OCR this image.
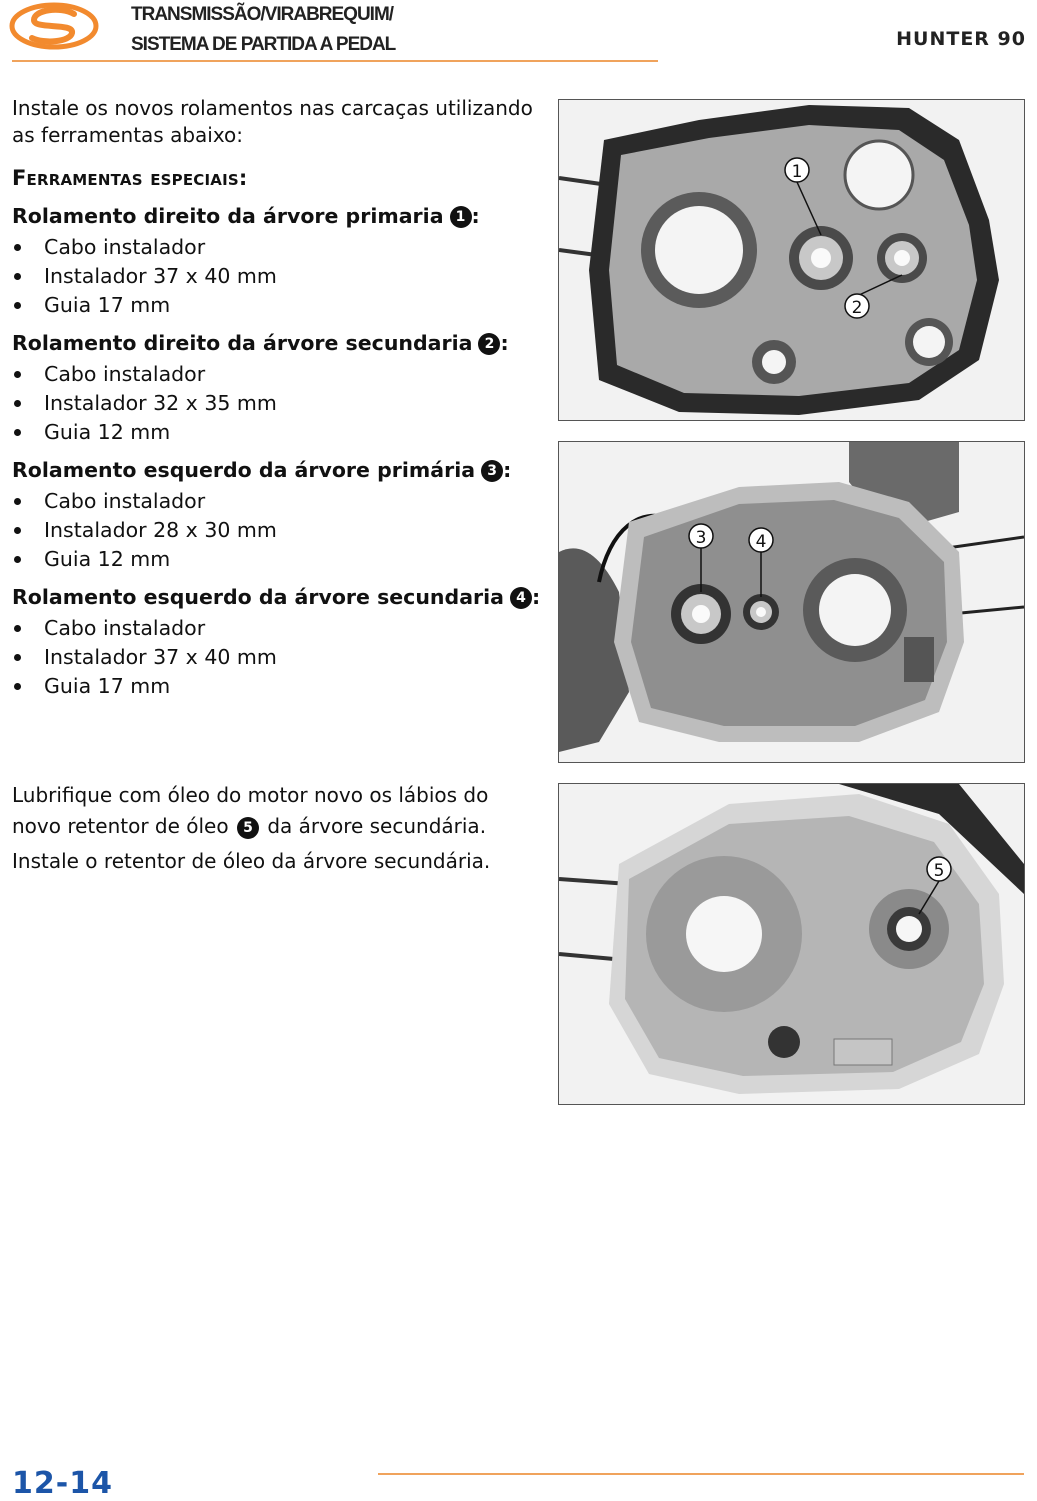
TRANSMISSÃO/VIRABREQUIM/
SISTEMA DE PARTIDA A PEDAL	HUNTER 90
Instale os novos rolamentos nas carcaças utilizando as ferramentas abaixo:
Ferramentas especiais:
Rolamento direito da árvore primaria 1 :
Cabo instalador
Instalador 37 x 40 mm
Guia 17 mm
Rolamento direito da árvore secundaria 2 :
Cabo instalador
Instalador 32 x 35 mm
Guia 12 mm
Rolamento esquerdo da árvore primária 3 :
Cabo instalador
Instalador 28 x 30 mm
Guia 12 mm
Rolamento esquerdo da árvore secundaria 4 :
Cabo instalador
Instalador 37 x 40 mm
Guia 17 mm
Lubrifique com óleo do motor novo os lábios do
novo retentor de óleo 5 da árvore secundária.
Instale o retentor de óleo da árvore secundária.
1
2
3	4
5
12-14
